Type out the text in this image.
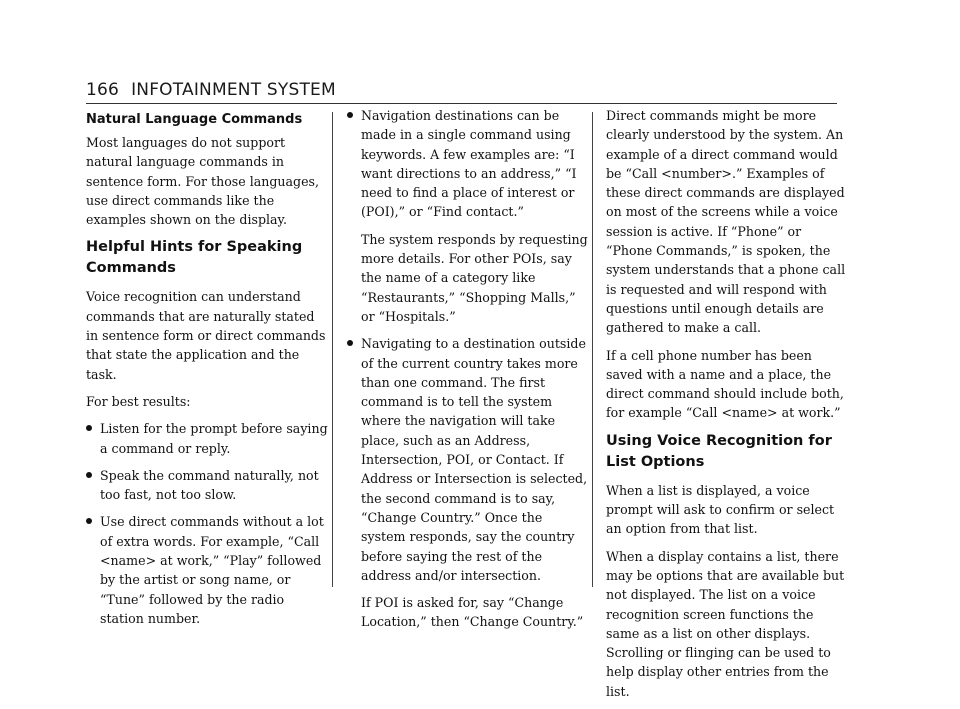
166 INFOTAINMENT SYSTEM
Natural Language Commands

Most languages do not support natural language commands in sentence form. For those languages, use direct commands like the examples shown on the display.

Helpful Hints for Speaking Commands

Voice recognition can understand commands that are naturally stated in sentence form or direct commands that state the application and the task.

For best results:

Listen for the prompt before saying a command or reply.
Speak the command naturally, not too fast, not too slow.
Use direct commands without a lot of extra words. For example, “Call <name> at work,” “Play” followed by the artist or song name, or “Tune” followed by the radio station number.
Navigation destinations can be made in a single command using keywords. A few examples are: “I want directions to an address,” “I need to find a place of interest or (POI),” or “Find contact.”

The system responds by requesting more details. For other POIs, say the name of a category like “Restaurants,” “Shopping Malls,” or “Hospitals.”

Navigating to a destination outside of the current country takes more than one command. The first command is to tell the system where the navigation will take place, such as an Address, Intersection, POI, or Contact. If Address or Intersection is selected, the second command is to say, “Change Country.” Once the system responds, say the country before saying the rest of the address and/or intersection.

If POI is asked for, say “Change Location,” then “Change Country.”

Direct commands might be more clearly understood by the system. An example of a direct command would be “Call <number>.” Examples of these direct commands are displayed on most of the screens while a voice session is active. If “Phone” or “Phone Commands,” is spoken, the system understands that a phone call is requested and will respond with questions until enough details are gathered to make a call.

If a cell phone number has been saved with a name and a place, the direct command should include both, for example “Call <name> at work.”

Using Voice Recognition for List Options

When a list is displayed, a voice prompt will ask to confirm or select an option from that list.

When a display contains a list, there may be options that are available but not displayed. The list on a voice recognition screen functions the same as a list on other displays. Scrolling or flinging can be used to help display other entries from the list.
